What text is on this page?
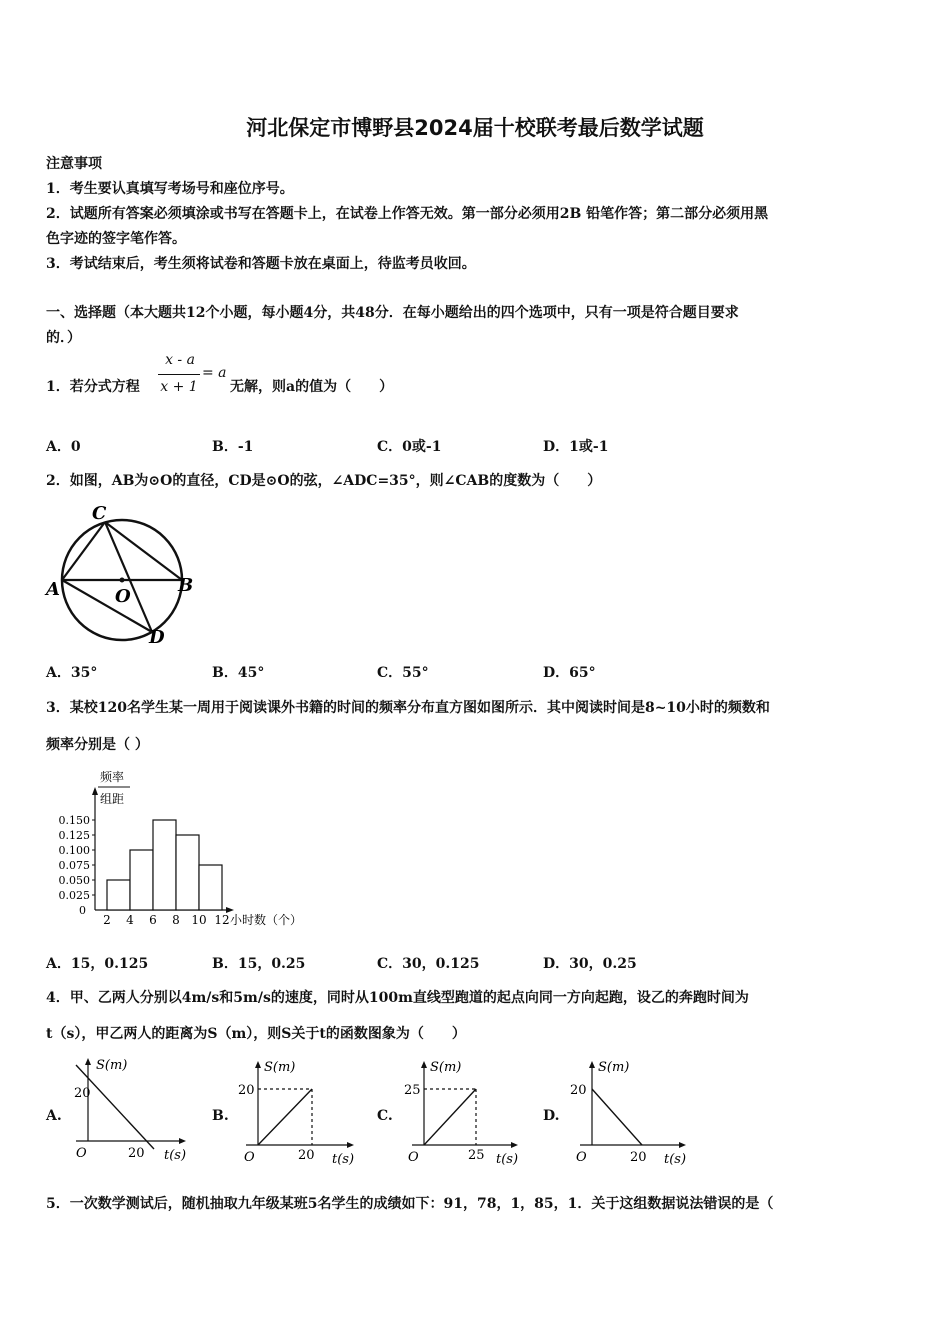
河北保定市博野县2024届十校联考最后数学试题
注意事项
1．考生要认真填写考场号和座位序号。
2．试题所有答案必须填涂或书写在答题卡上，在试卷上作答无效。第一部分必须用2B 铅笔作答；第二部分必须用黑
色字迹的签字笔作答。
3．考试结束后，考生须将试卷和答题卡放在桌面上，待监考员收回。
一、选择题（本大题共12个小题，每小题4分，共48分．在每小题给出的四个选项中，只有一项是符合题目要求
的．）
1．若分式方程
x - a
x + 1
= a
无解，则a的值为（　　）
A．0	B．-1	C．0或-1	D．1或-1
2．如图，AB为⊙O的直径，CD是⊙O的弦，∠ADC=35°，则∠CAB的度数为（　　）
C
A	B
O
D
A．35°	B．45°	C．55°	D．65°
3．某校120名学生某一周用于阅读课外书籍的时间的频率分布直方图如图所示．其中阅读时间是8~10小时的频数和
频率分别是（ ）
频率
组距
0
0.025
0.050
0.075
0.100
0.125
0.150
2 4 6 8 10 12 小时数（个）
A．15，0.125	B．15，0.25	C．30，0.125	D．30，0.25
4．甲、乙两人分别以4m/s和5m/s的速度，同时从100m直线型跑道的起点向同一方向起跑，设乙的奔跑时间为
t（s），甲乙两人的距离为S（m），则S关于t的函数图象为（　　）
A.
S(m)
20
O	20 t(s)
B.
S(m)
20
O	20 t(s)
C.
S(m)
25
O	25 t(s)
D.
S(m)
20
O	20 t(s)
5．一次数学测试后，随机抽取九年级某班5名学生的成绩如下：91，78，1，85，1．关于这组数据说法错误的是（
